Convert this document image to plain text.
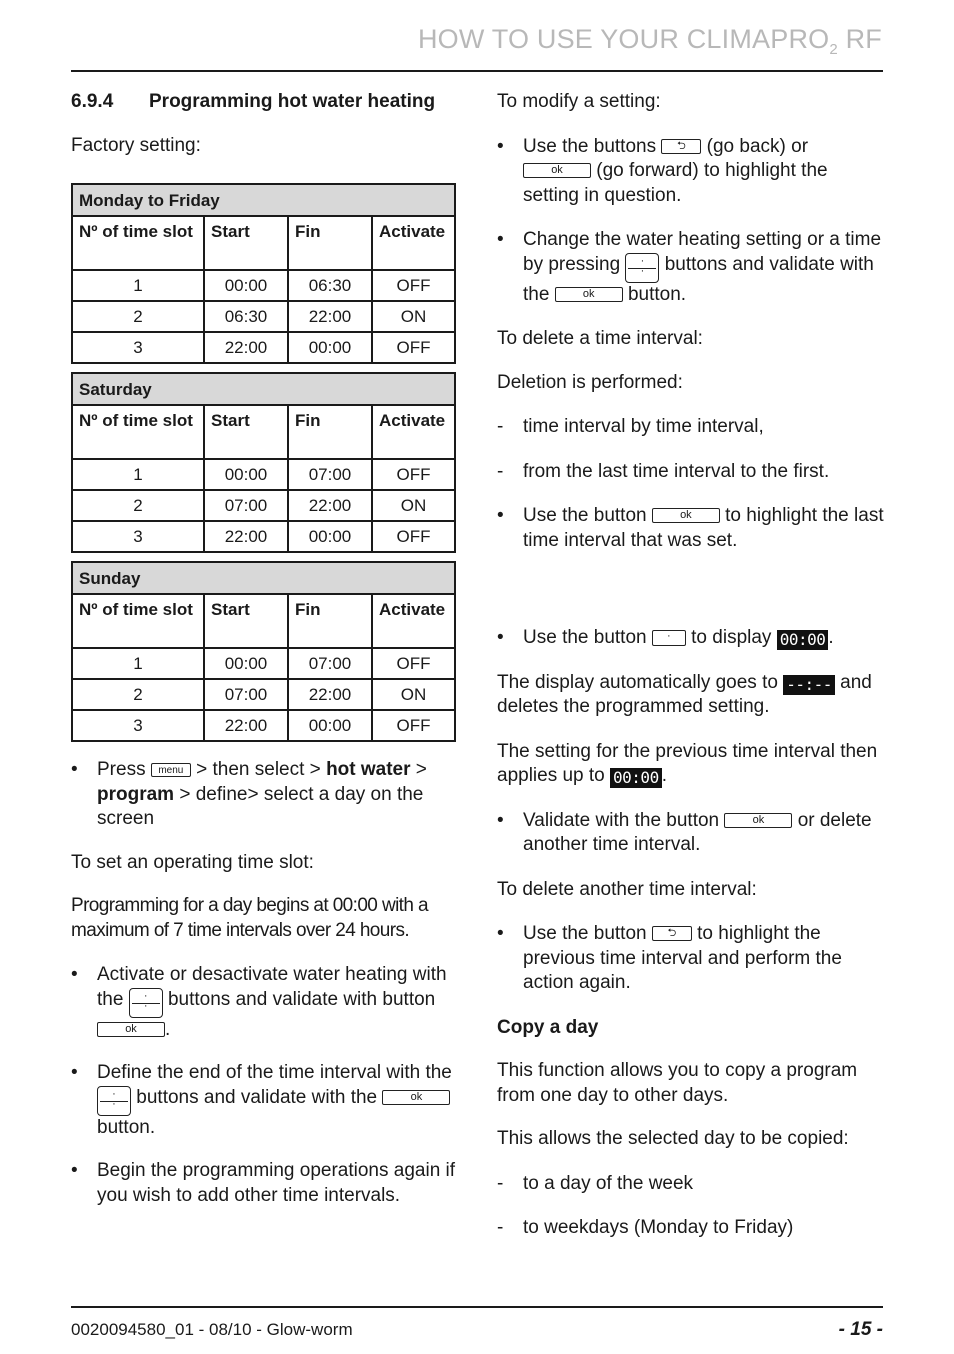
HOW TO USE YOUR $CLIMAPRO_2$ RF

6.9.4 Programming hot water heating

Factory setting:

Monday to Friday			
Nº of time slot	Start	Fin	Activate
1	00:00	06:30	OFF
2	06:30	22:00	ON
3	22:00	00:00	OFF
Saturday			
Nº of time slot	Start	Fin	Activate
1	00:00	07:00	OFF
2	07:00	22:00	ON
3	22:00	00:00	OFF
Sunday			
Nº of time slot	Start	Fin	Activate
1	00:00	07:00	OFF
2	07:00	22:00	ON
3	22:00	00:00	OFF
• Press menu > then select > hot water > program > define> select a day on the screen

To set an operating time slot:

Programming for a day begins at 00:00 with a maximum of 7 time intervals over 24 hours.

• Activate or desactivate water heating with the ·

· buttons and validate with button ok .
• Define the end of the time interval with the ·

· buttons and validate with the	ok button.
• Begin the programming operations again if you wish to add other time intervals.

To modify a setting:

• Use the buttons ⮌ (go back) or
ok (go forward) to highlight the setting in question.
• Change the water heating setting or a time by pressing ·

· buttons and validate with the	ok button.

To delete a time interval:

Deletion is performed:

- time interval by time interval,
- from the last time interval to the first.
• Use the button	ok to highlight the last time interval that was set.
• Use the button · to display 00:00 .

The display automatically goes to --:-- and deletes the programmed setting.

The setting for the previous time interval then applies up to 00:00 .

• Validate with the button	ok or delete another time interval.

To delete another time interval:

• Use the button ⮌ to highlight the previous time interval and perform the action again.

Copy a day

This function allows you to copy a program from one day to other days.

This allows the selected day to be copied:

- to a day of the week
- to weekdays (Monday to Friday)
0020094580_01 - 08/10 - Glow-worm	- 15 -
